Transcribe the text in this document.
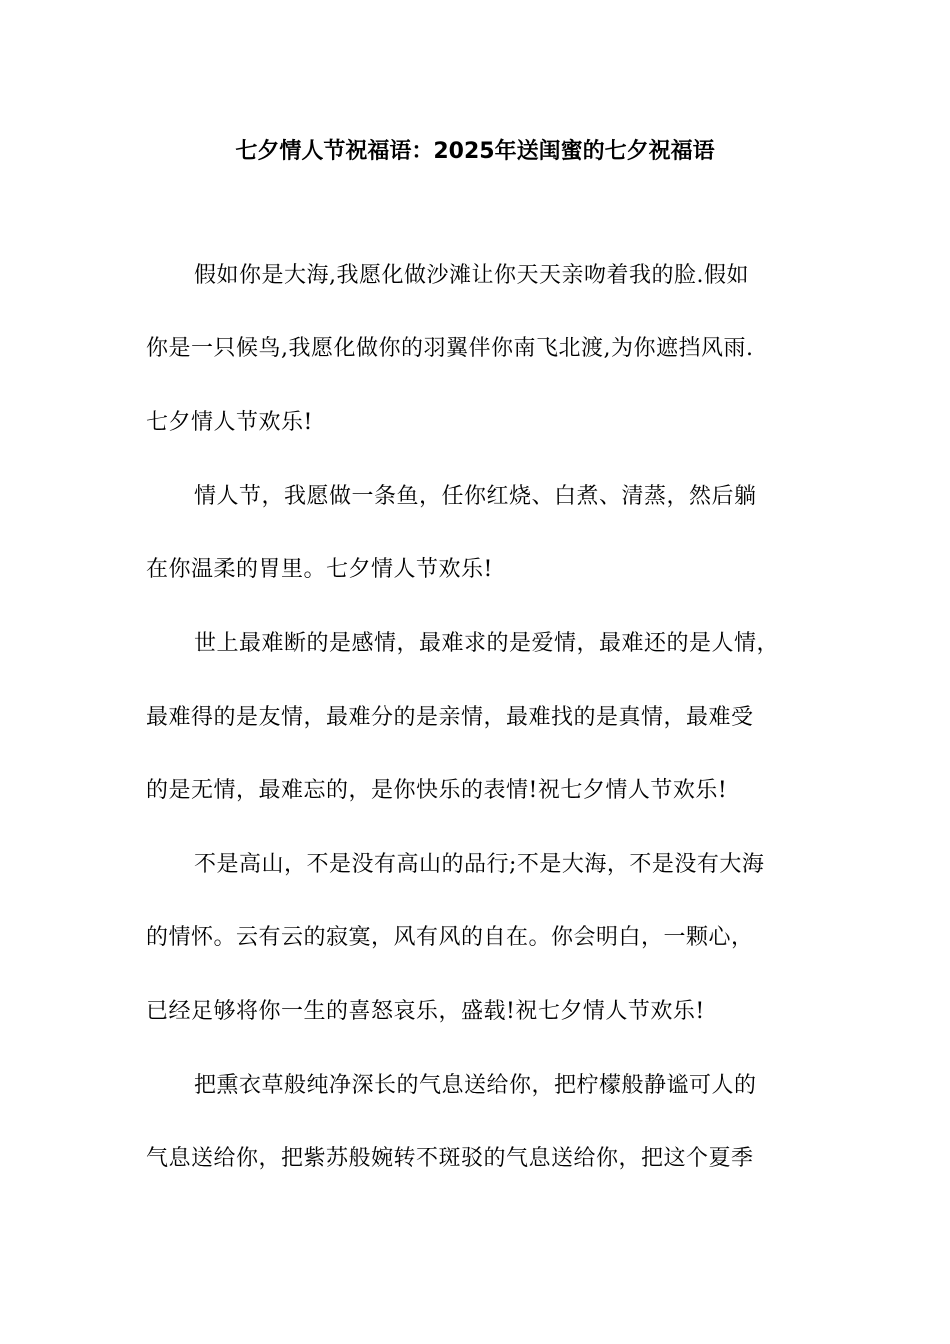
七夕情人节祝福语：2025年送闺蜜的七夕祝福语
假如你是大海,我愿化做沙滩让你天天亲吻着我的脸.假如
你是一只候鸟,我愿化做你的羽翼伴你南飞北渡,为你遮挡风雨.
七夕情人节欢乐!
情人节，我愿做一条鱼，任你红烧、白煮、清蒸，然后躺
在你温柔的胃里。七夕情人节欢乐!
世上最难断的是感情，最难求的是爱情，最难还的是人情，
最难得的是友情，最难分的是亲情，最难找的是真情，最难受
的是无情，最难忘的，是你快乐的表情!祝七夕情人节欢乐!
不是高山，不是没有高山的品行;不是大海，不是没有大海
的情怀。云有云的寂寞，风有风的自在。你会明白，一颗心，
已经足够将你一生的喜怒哀乐，盛载!祝七夕情人节欢乐!
把熏衣草般纯净深长的气息送给你，把柠檬般静谧可人的
气息送给你，把紫苏般婉转不斑驳的气息送给你，把这个夏季
